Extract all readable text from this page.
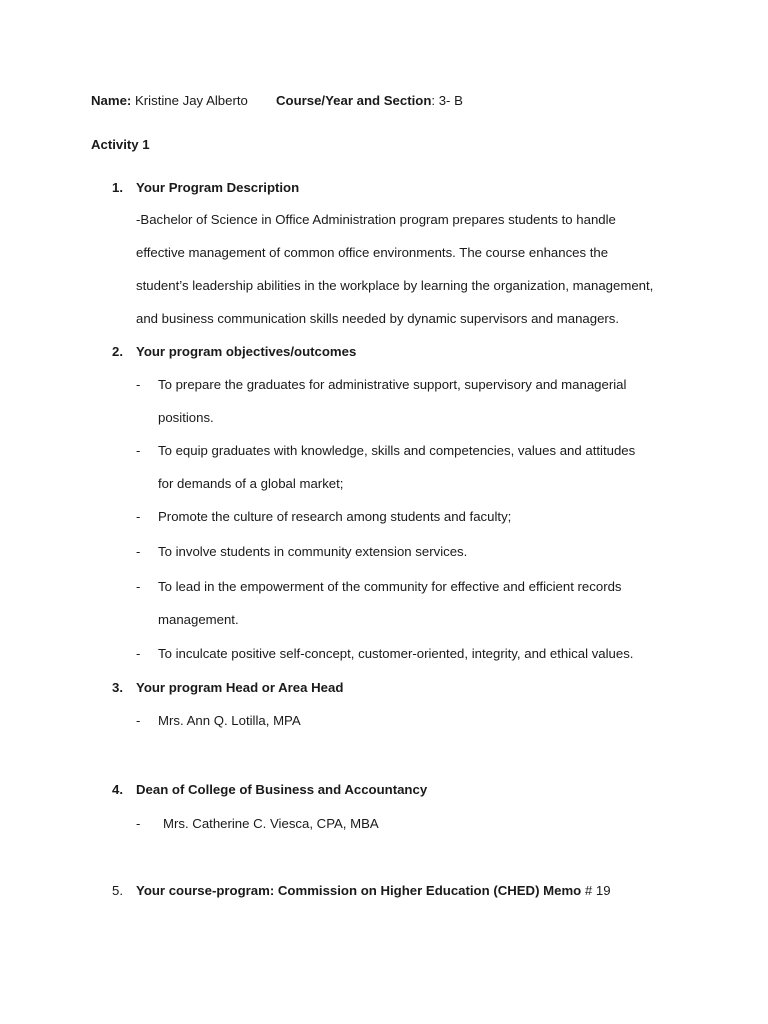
Name: Kristine Jay Alberto Course/Year and Section: 3- B
Activity 1
1. Your Program Description
-Bachelor of Science in Office Administration program prepares students to handle
effective management of common office environments. The course enhances the
student’s leadership abilities in the workplace by learning the organization, management,
and business communication skills needed by dynamic supervisors and managers.
2. Your program objectives/outcomes
- To prepare the graduates for administrative support, supervisory and managerial
positions.
- To equip graduates with knowledge, skills and competencies, values and attitudes
for demands of a global market;
- Promote the culture of research among students and faculty;
- To involve students in community extension services.
- To lead in the empowerment of the community for effective and efficient records
management.
- To inculcate positive self-concept, customer-oriented, integrity, and ethical values.
3. Your program Head or Area Head
- Mrs. Ann Q. Lotilla, MPA
4. Dean of College of Business and Accountancy
- Mrs. Catherine C. Viesca, CPA, MBA
5. Your course-program: Commission on Higher Education (CHED) Memo # 19
